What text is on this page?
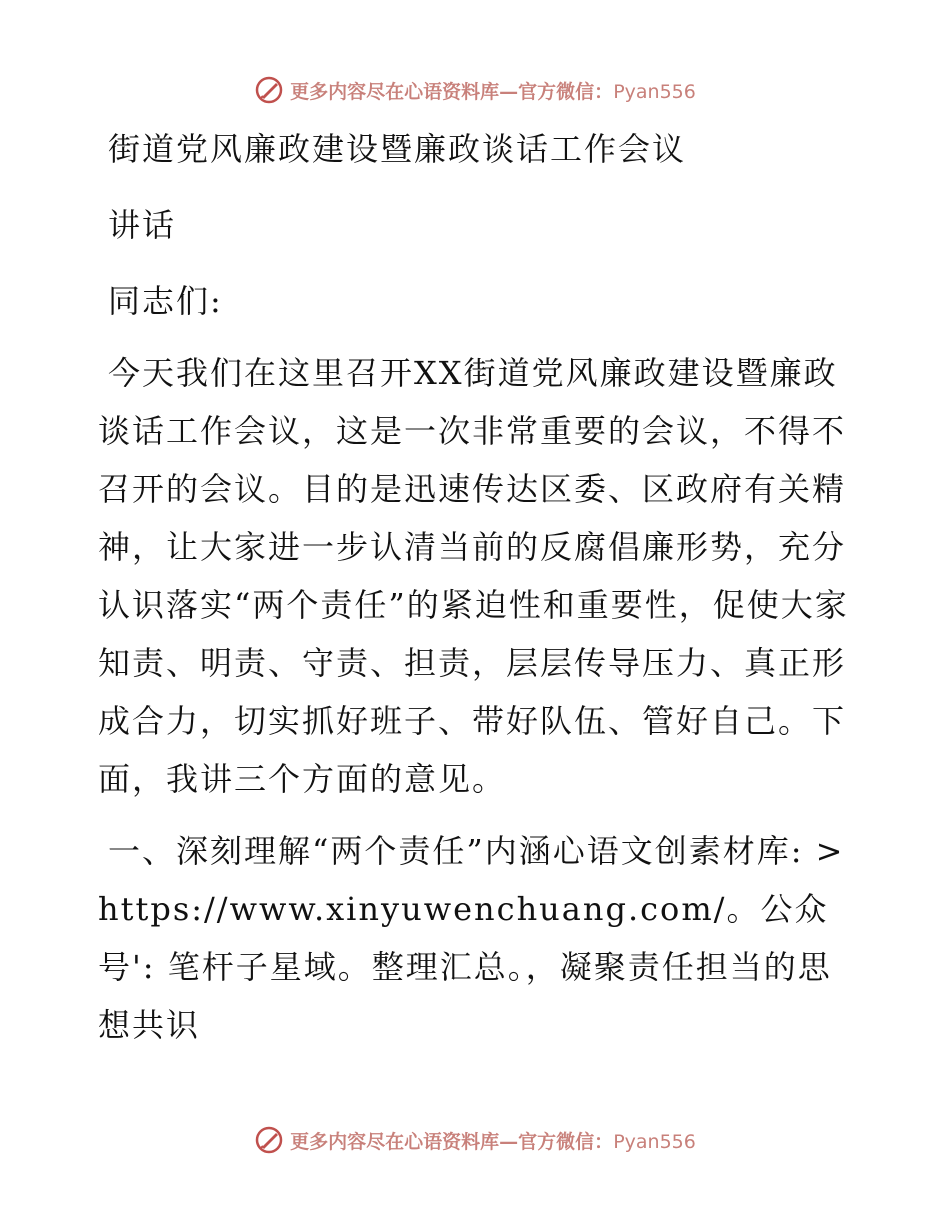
更多内容尽在心语资料库—官方微信：Pyan556

街道党风廉政建设暨廉政谈话工作会议

讲话

同志们:

今天我们在这里召开XX街道党风廉政建设暨廉政谈话工作会议，这是一次非常重要的会议，不得不召开的会议。目的是迅速传达区委、区政府有关精神，让大家进一步认清当前的反腐倡廉形势，充分认识落实“两个责任”的紧迫性和重要性，促使大家知责、明责、守责、担责，层层传导压力、真正形成合力，切实抓好班子、带好队伍、管好自己。下面，我讲三个方面的意见。

一、深刻理解“两个责任”内涵心语文创素材库: >https://www.xinyuwenchuang.com/。公众号': 笔杆子星域。整理汇总。，凝聚责任担当的思想共识

更多内容尽在心语资料库—官方微信：Pyan556
